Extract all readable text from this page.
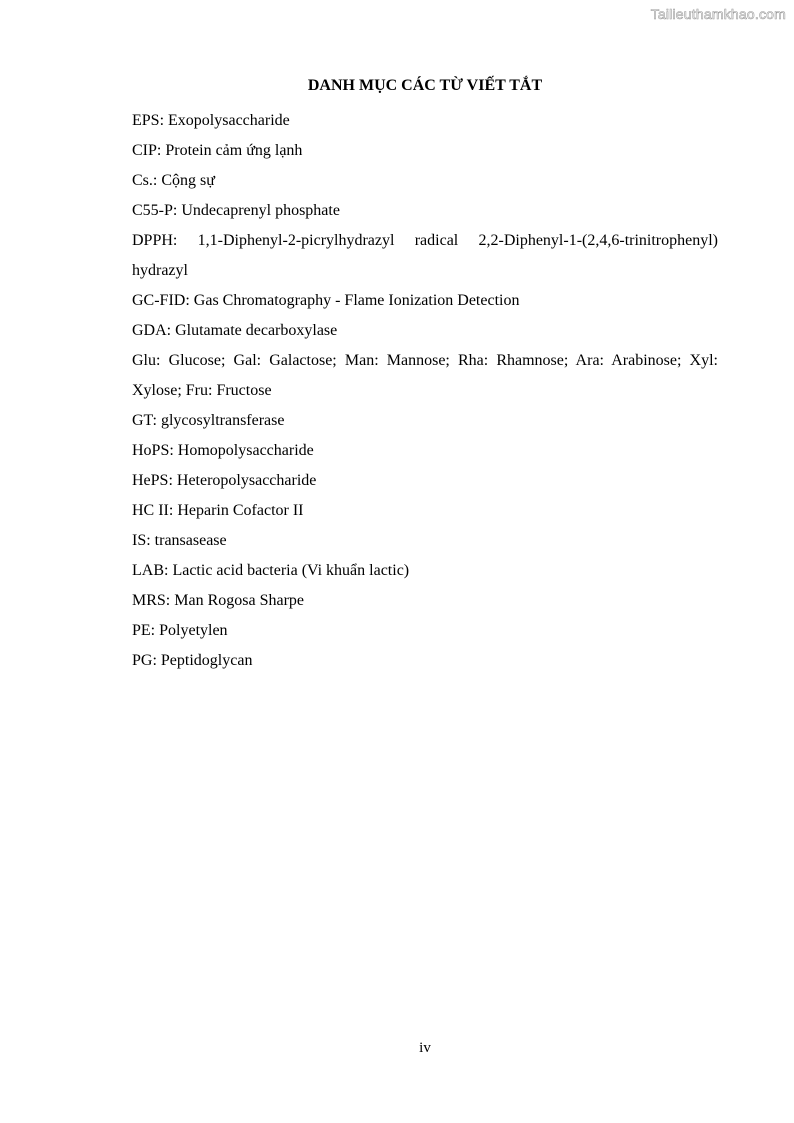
Tailieuthamkhao.com
DANH MỤC CÁC TỪ VIẾT TẮT

EPS: Exopolysaccharide

CIP: Protein cảm ứng lạnh

Cs.: Cộng sự

C55-P: Undecaprenyl phosphate

DPPH: 1,1-Diphenyl-2-picrylhydrazyl radical 2,2-Diphenyl-1-(2,4,6-trinitrophenyl) hydrazyl

GC-FID: Gas Chromatography - Flame Ionization Detection

GDA: Glutamate decarboxylase

Glu: Glucose; Gal: Galactose; Man: Mannose; Rha: Rhamnose; Ara: Arabinose; Xyl: Xylose; Fru: Fructose

GT: glycosyltransferase

HoPS: Homopolysaccharide

HePS: Heteropolysaccharide

HC II: Heparin Cofactor II

IS: transasease

LAB: Lactic acid bacteria (Vi khuẩn lactic)

MRS: Man Rogosa Sharpe

PE: Polyetylen

PG: Peptidoglycan

iv
